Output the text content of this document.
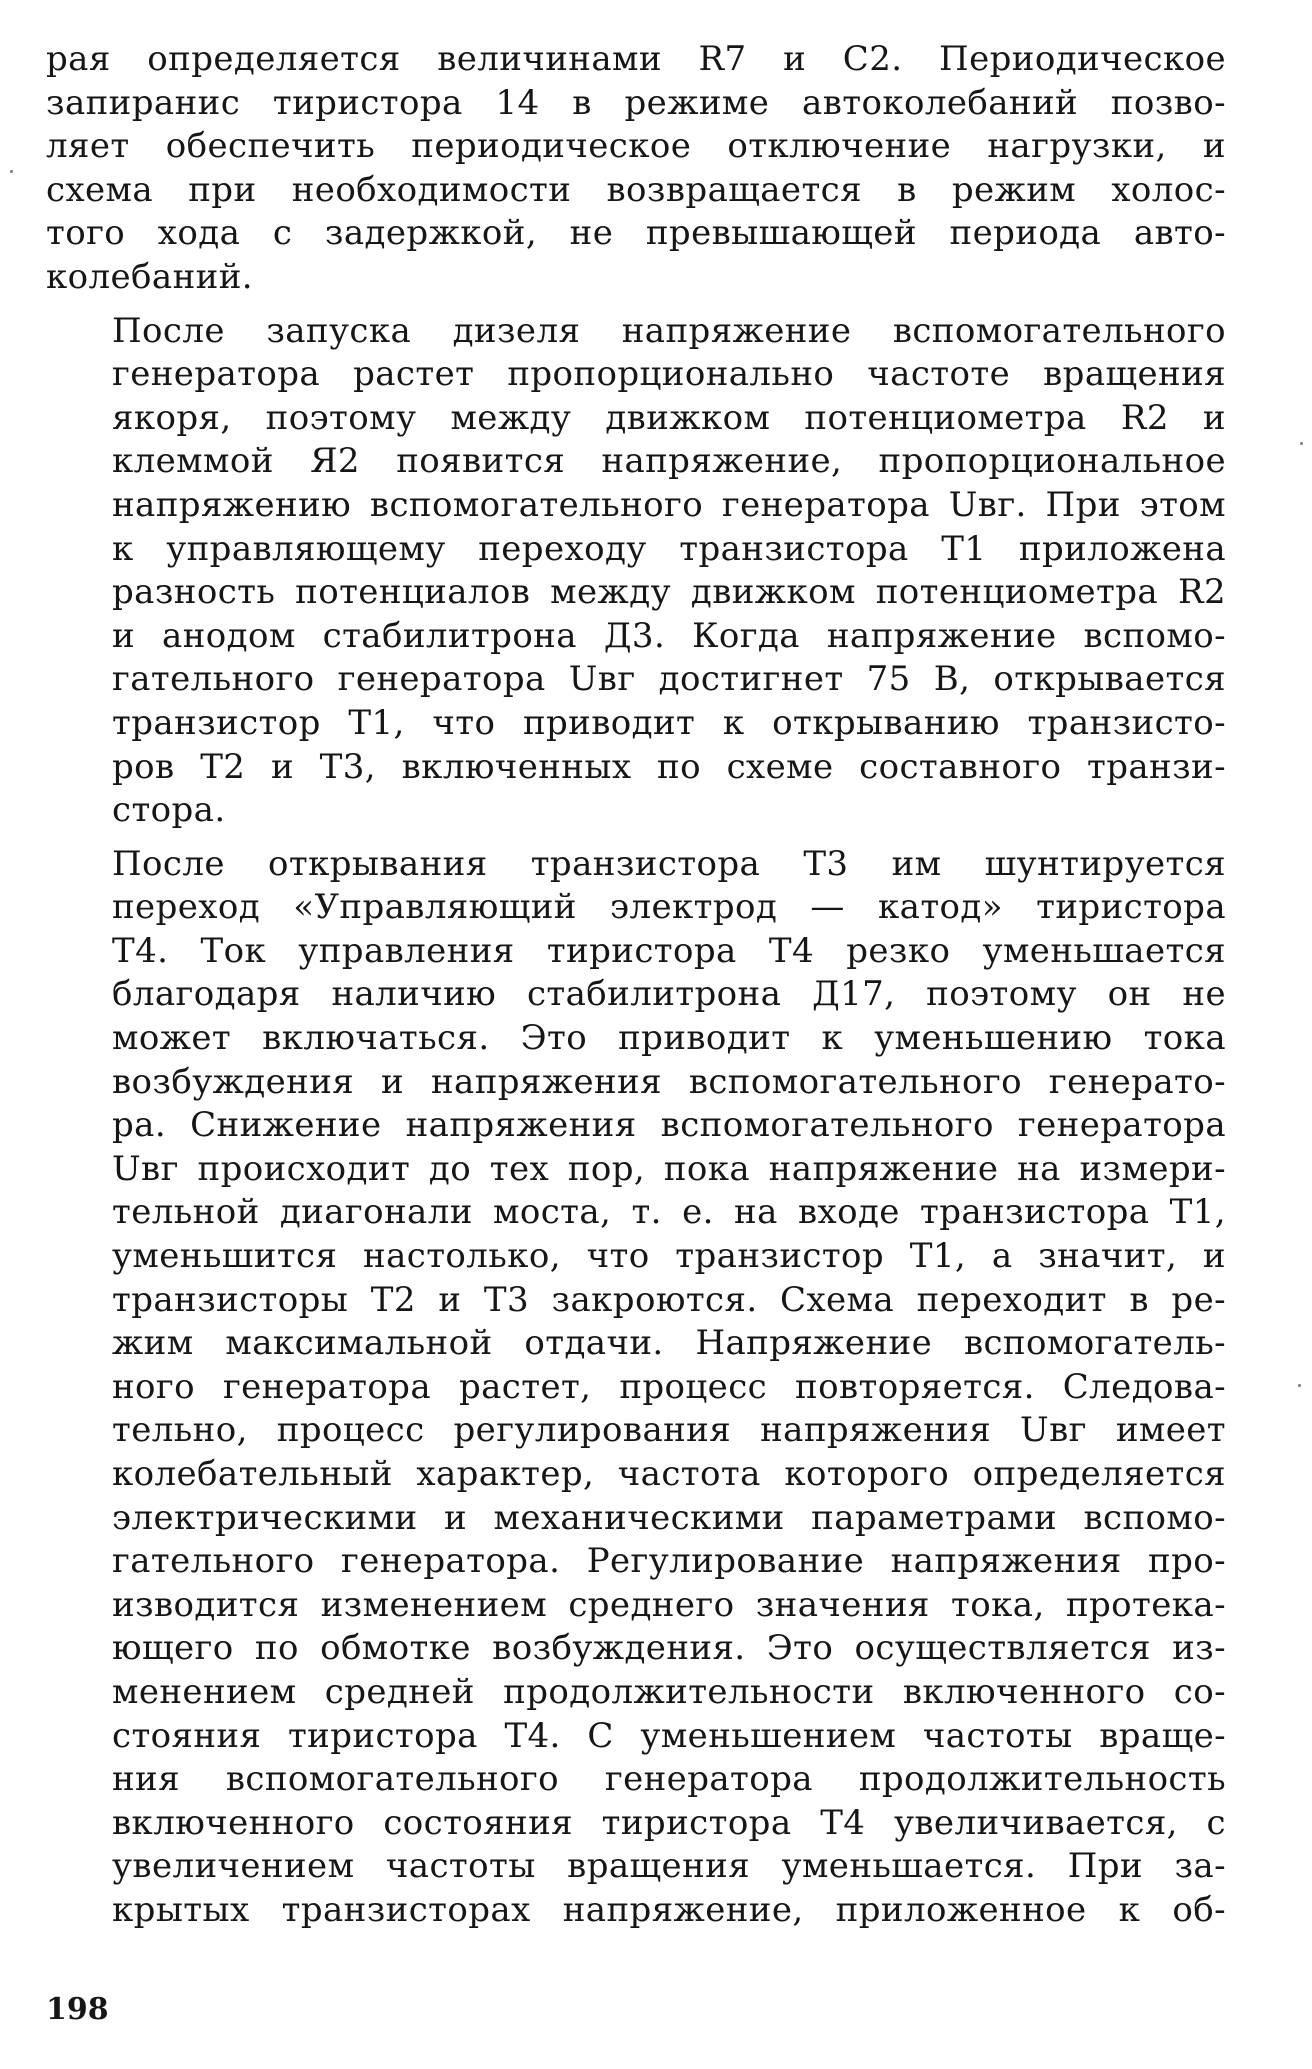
рая определяется величинами R7 и C2. Периодическое
запиранис тиристора 14 в режиме автоколебаний позво-
ляет обеспечить периодическое отключение нагрузки, и
схема при необходимости возвращается в режим холос-
того хода с задержкой, не превышающей периода авто-
колебаний.

После запуска дизеля напряжение вспомогательного
генератора растет пропорционально частоте вращения
якоря, поэтому между движком потенциометра R2 и
клеммой Я2 появится напряжение, пропорциональное
напряжению вспомогательного генератора Uвг. При этом
к управляющему переходу транзистора T1 приложена
разность потенциалов между движком потенциометра R2
и анодом стабилитрона Д3. Когда напряжение вспомо-
гательного генератора Uвг достигнет 75 В, открывается
транзистор T1, что приводит к открыванию транзисто-
ров T2 и T3, включенных по схеме составного транзи-
стора.

После открывания транзистора T3 им шунтируется
переход «Управляющий электрод — катод» тиристора
T4. Ток управления тиристора T4 резко уменьшается
благодаря наличию стабилитрона Д17, поэтому он не
может включаться. Это приводит к уменьшению тока
возбуждения и напряжения вспомогательного генерато-
ра. Снижение напряжения вспомогательного генератора
Uвг происходит до тех пор, пока напряжение на измери-
тельной диагонали моста, т. е. на входе транзистора T1,
уменьшится настолько, что транзистор T1, а значит, и
транзисторы T2 и T3 закроются. Схема переходит в ре-
жим максимальной отдачи. Напряжение вспомогатель-
ного генератора растет, процесс повторяется. Следова-
тельно, процесс регулирования напряжения Uвг имеет
колебательный характер, частота которого определяется
электрическими и механическими параметрами вспомо-
гательного генератора. Регулирование напряжения про-
изводится изменением среднего значения тока, протека-
ющего по обмотке возбуждения. Это осуществляется из-
менением средней продолжительности включенного со-
стояния тиристора T4. С уменьшением частоты враще-
ния вспомогательного генератора продолжительность
включенного состояния тиристора T4 увеличивается, с
увеличением частоты вращения уменьшается. При за-
крытых транзисторах напряжение, приложенное к об-

198
